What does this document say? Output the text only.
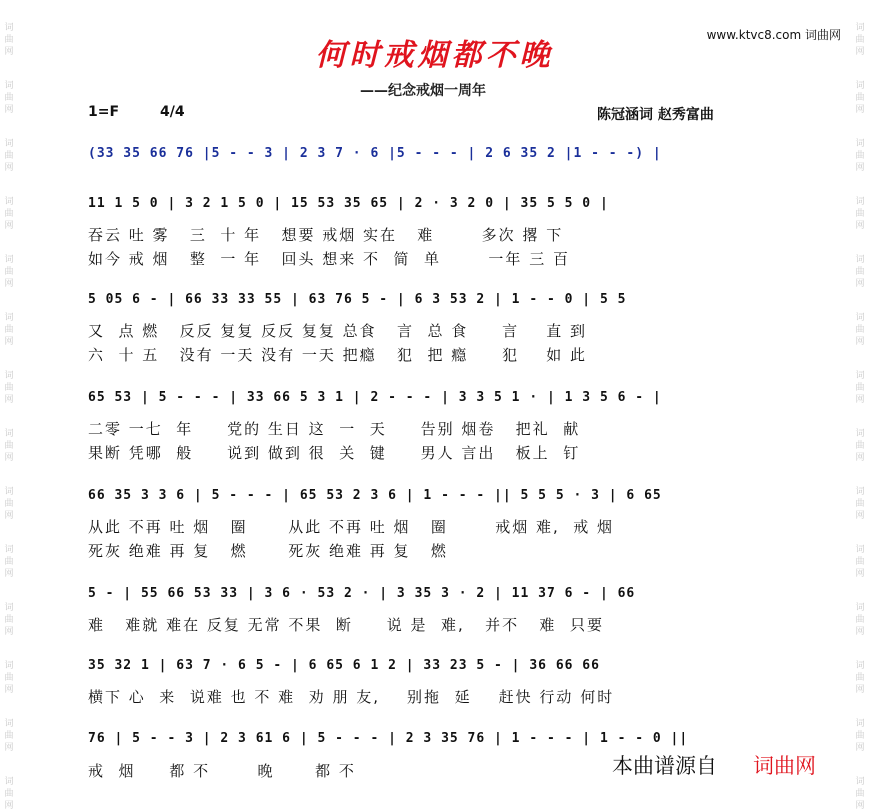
词
曲
网
词
曲
网
词
曲
网
词
曲
网
词
曲
网
词
曲
网
词
曲
网
词
曲
网
词
曲
网
词
曲
网
词
曲
网
词
曲
网
词
曲
网
词
曲
网
词
曲
网
词
曲
网
词
曲
网
词
曲
网
词
曲
网
词
曲
网
词
曲
网
词
曲
网
词
曲
网
词
曲
网
词
曲
网
词
曲
网
词
曲
网
词
曲
网
何时戒烟都不晚
www.ktvc8.com 词曲网
——纪念戒烟一周年
1=F	4/4	陈冠涵词 赵秀富曲
(33 35 66 76 |5 - - 3 | 2 3 7 · 6 |5 - - - | 2 6 35 2 |1 - - -) |
11 1 5 0 | 3 2 1 5 0 | 15 53 35 65 | 2 · 3 2 0 | 35 5 5 0 |
吞云 吐 雾   三  十 年   想要 戒烟 实在   难       多次 撂 下
如今 戒 烟   整  一 年   回头 想来 不  简  单       一年 三 百
5 05 6 - | 66 33 33 55 | 63 76 5 - | 6 3 53 2 | 1 - - 0 | 5 5
又  点 燃   反反 复复 反反 复复 总食   言  总 食     言    直 到
六  十 五   没有 一天 没有 一天 把瘾   犯  把 瘾     犯    如 此
65 53 | 5 - - - | 33 66 5 3 1 | 2 - - - | 3 3 5 1 · | 1 3 5 6 - |
二零 一七  年     党的 生日 这  一  天     告别 烟卷   把礼  献
果断 凭哪  般     说到 做到 很  关  键     男人 言出   板上  钉
66 35 3 3 6 | 5 - - - | 65 53 2 3 6 | 1 - - - || 5 5 5 · 3 | 6 65
从此 不再 吐 烟   圈      从此 不再 吐 烟   圈       戒烟 难,  戒 烟
死灰 绝难 再 复   燃      死灰 绝难 再 复   燃
5 - | 55 66 53 33 | 3 6 · 53 2 · | 3 35 3 · 2 | 11 37 6 - | 66
难   难就 难在 反复 无常 不果  断     说 是  难,   并不   难  只要
35 32 1 | 63 7 · 6 5 - | 6 65 6 1 2 | 33 23 5 - | 36 66 66
横下 心  来  说难 也 不 难  劝 朋 友,    别拖  延    赶快 行动 何时
76 | 5 - - 3 | 2 3 61 6 | 5 - - - | 2 3 35 76 | 1 - - - | 1 - - 0 ||
戒  烟     都 不       晚      都 不	本曲谱源自 词曲网
